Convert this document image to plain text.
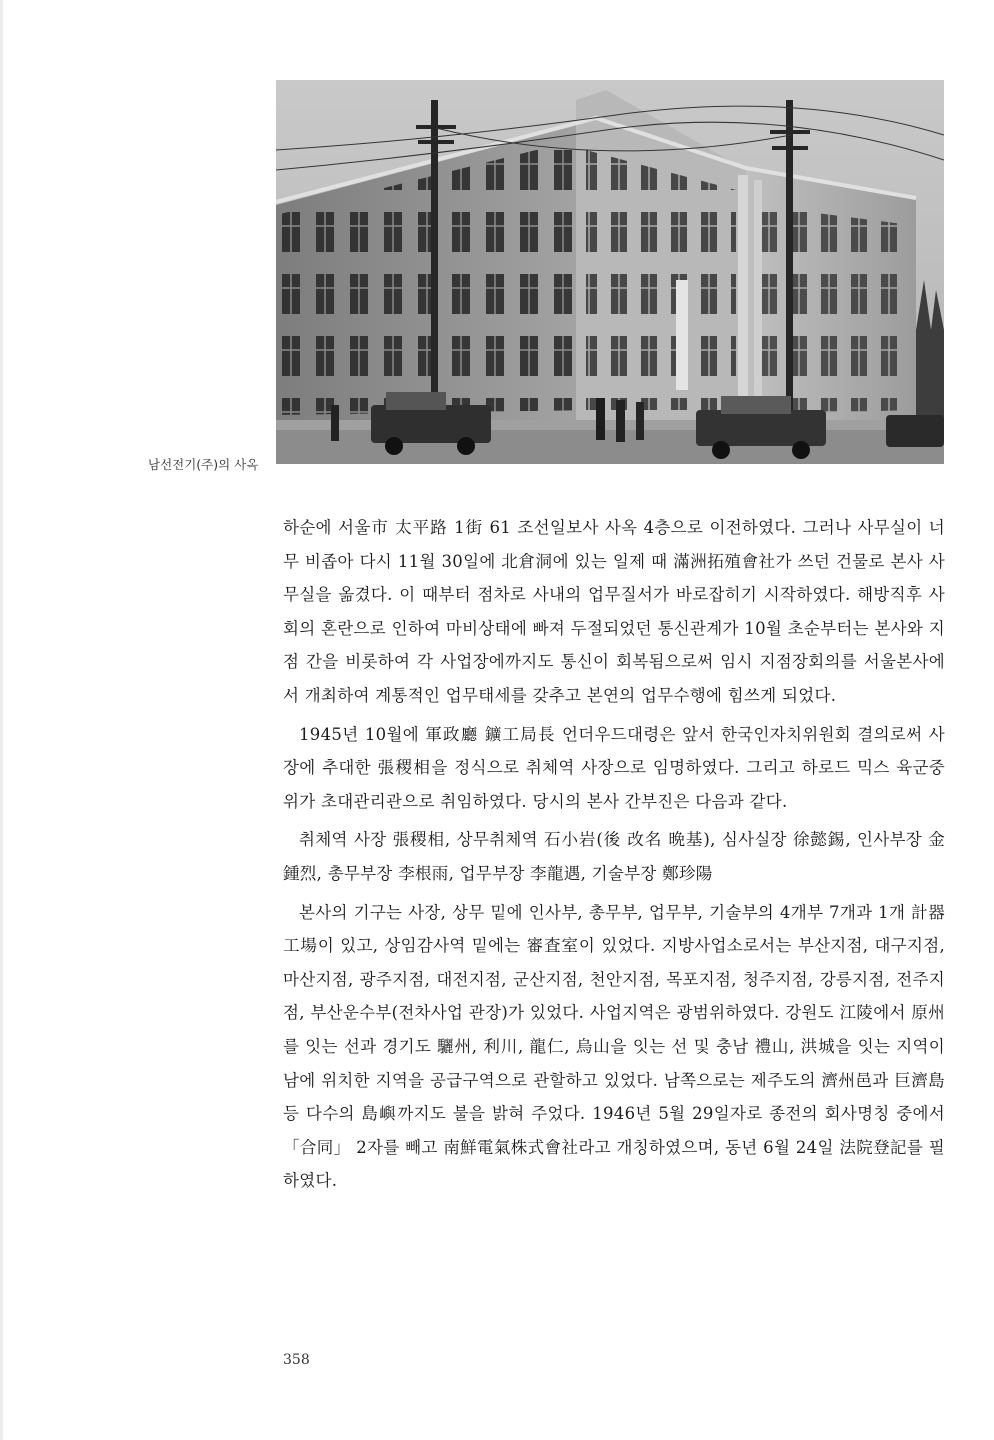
남선전기(주)의 사옥

하순에 서울市 太平路 1街 61 조선일보사 사옥 4층으로 이전하였다. 그러나 사무실이 너무 비좁아 다시 11월 30일에 北倉洞에 있는 일제 때 滿洲拓殖會社가 쓰던 건물로 본사 사무실을 옮겼다. 이 때부터 점차로 사내의 업무질서가 바로잡히기 시작하였다. 해방직후 사회의 혼란으로 인하여 마비상태에 빠져 두절되었던 통신관계가 10월 초순부터는 본사와 지점 간을 비롯하여 각 사업장에까지도 통신이 회복됨으로써 임시 지점장회의를 서울본사에서 개최하여 계통적인 업무태세를 갖추고 본연의 업무수행에 힘쓰게 되었다.

1945년 10월에 軍政廳 鑛工局長 언더우드대령은 앞서 한국인자치위원회 결의로써 사장에 추대한 張稷相을 정식으로 취체역 사장으로 임명하였다. 그리고 하로드 믹스 육군중위가 초대관리관으로 취임하였다. 당시의 본사 간부진은 다음과 같다.

취체역 사장 張稷相, 상무취체역 石小岩(後 改名 晩基), 심사실장 徐懿錫, 인사부장 金鍾烈, 총무부장 李根雨, 업무부장 李龍遇, 기술부장 鄭珍陽

본사의 기구는 사장, 상무 밑에 인사부, 총무부, 업무부, 기술부의 4개부 7개과 1개 計器工場이 있고, 상임감사역 밑에는 審査室이 있었다. 지방사업소로서는 부산지점, 대구지점, 마산지점, 광주지점, 대전지점, 군산지점, 천안지점, 목포지점, 청주지점, 강릉지점, 전주지점, 부산운수부(전차사업 관장)가 있었다. 사업지역은 광범위하였다. 강원도 江陵에서 原州를 잇는 선과 경기도 驪州, 利川, 龍仁, 烏山을 잇는 선 및 충남 禮山, 洪城을 잇는 지역이남에 위치한 지역을 공급구역으로 관할하고 있었다. 남쪽으로는 제주도의 濟州邑과 巨濟島 등 다수의 島嶼까지도 불을 밝혀 주었다. 1946년 5월 29일자로 종전의 회사명칭 중에서 「合同」 2자를 빼고 南鮮電氣株式會社라고 개칭하였으며, 동년 6월 24일 法院登記를 필하였다.

358
